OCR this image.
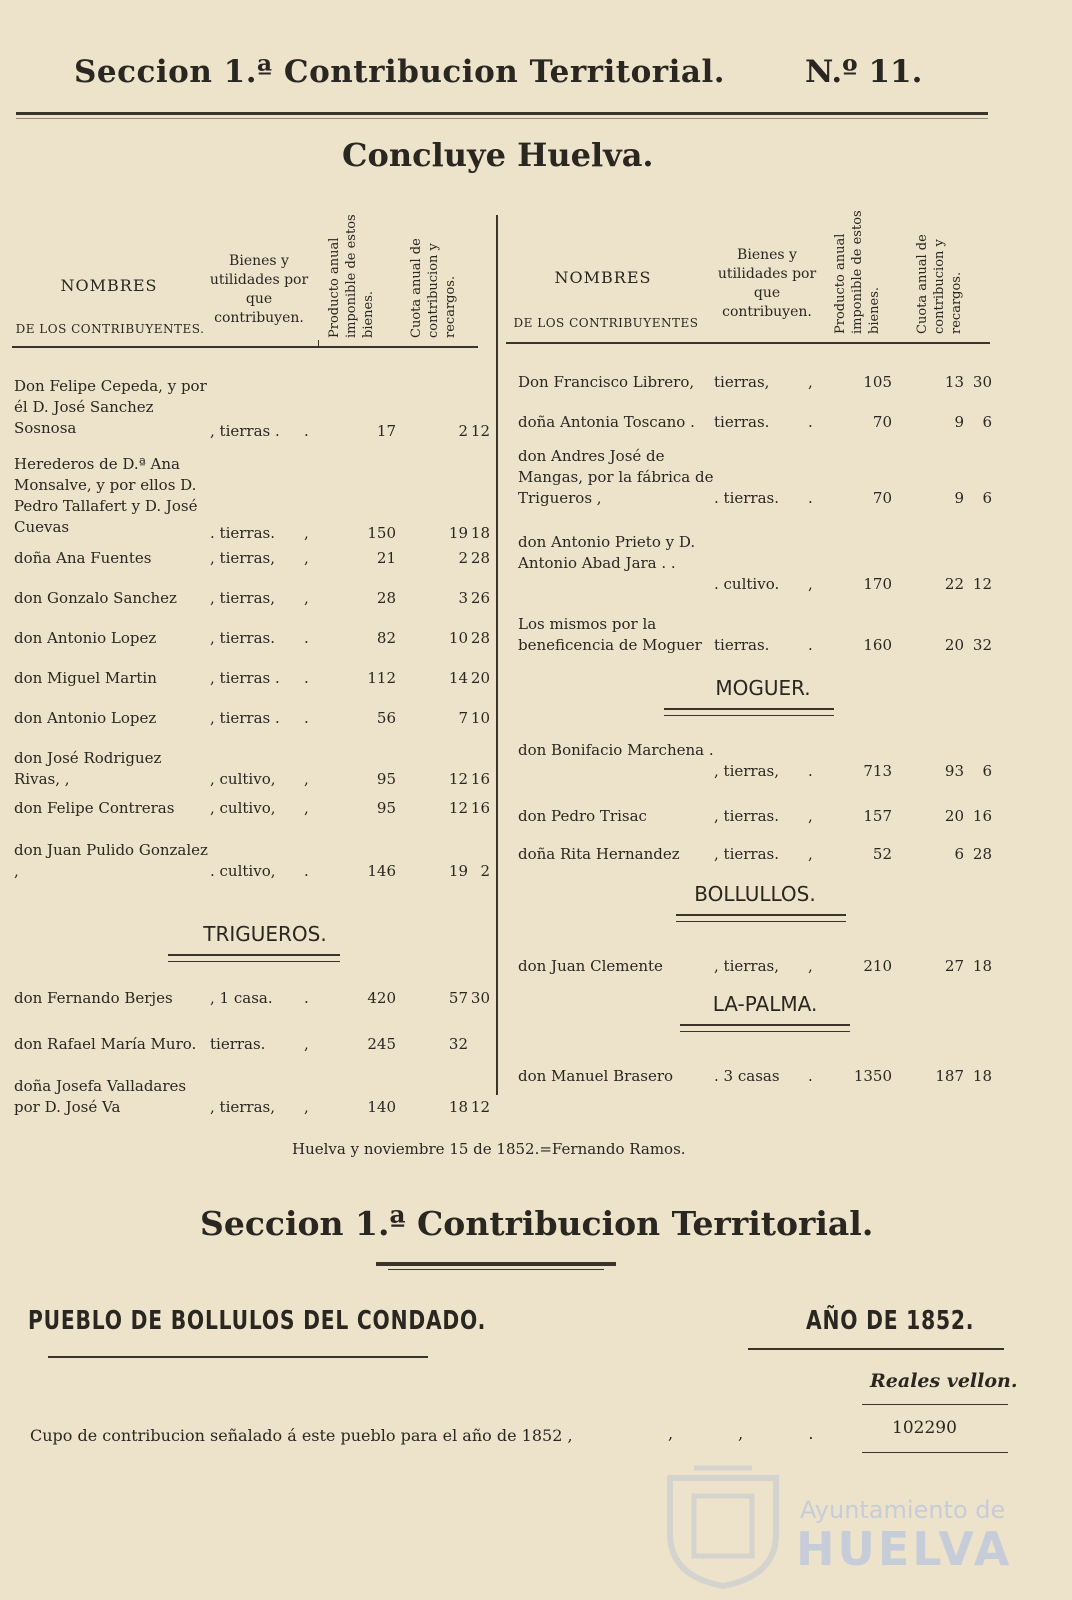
Seccion 1.ª Contribucion Territorial.	N.º 11.
Concluye Huelva.
NOMBRES
DE LOS CONTRIBUYENTES.
Bienes y utilidades por que contribuyen.	Producto anual imponible de estos bienes.	Cuota anual de contribucion y recargos.	NOMBRES
DE LOS CONTRIBUYENTES
Bienes y utilidades por que contribuyen.	Producto anual imponible de estos bienes.	Cuota anual de contribucion y recargos.
Don Felipe Cepeda, y por él D. José Sanchez Sosnosa	, tierras . .	17	2 12
Herederos de D.ª Ana Monsalve, y por ellos D. Pedro Tallafert y D. José Cuevas	. tierras. ,	150	19 18
doña Ana Fuentes	, tierras, ,	21	2 28
don Gonzalo Sanchez	, tierras, ,	28	3 26
don Antonio Lopez	, tierras. .	82	10 28
don Miguel Martin	, tierras . .	112	14 20
don Antonio Lopez	, tierras . .	56	7 10
don José Rodriguez Rivas, ,	, cultivo, ,	95	12 16
don Felipe Contreras	, cultivo, ,	95	12 16
don Juan Pulido Gonzalez ,	. cultivo, .	146	19 2
don Fernando Berjes	, 1 casa. .	420	57 30
don Rafael María Muro. tierras.	,	245	32
doña Josefa Valladares por D. José Va	, tierras, ,	140	18 12
Don Francisco Librero,	tierras,	,	105	13 30
doña Antonia Toscano .	tierras.	.	70	9	6
don Andres José de Mangas, por la fábrica de Trigueros ,	. tierras. .	70	9	6
don Antonio Prieto y D. Antonio Abad Jara . .
. cultivo. ,	170	22 12
Los mismos por la beneficencia de Moguer tierras.	.	160	20 32
don Bonifacio Marchena .
, tierras, .	713	93	6
don Pedro Trisac	, tierras. ,	157	20 16
doña Rita Hernandez	, tierras. ,	52	6 28
don Juan Clemente	, tierras, ,	210	27 18
don Manuel Brasero	. 3 casas .	1350	187 18
TRIGUEROS.
MOGUER.
BOLLULLOS.
LA-PALMA.
Huelva y noviembre 15 de 1852.=Fernando Ramos.
Seccion 1.ª Contribucion Territorial.
PUEBLO DE BOLLULOS DEL CONDADO.	AÑO DE 1852.
Reales vellon.
Cupo de contribucion señalado á este pueblo para el año de 1852 ,	, , .	102290
Ayuntamiento de
HUELVA
